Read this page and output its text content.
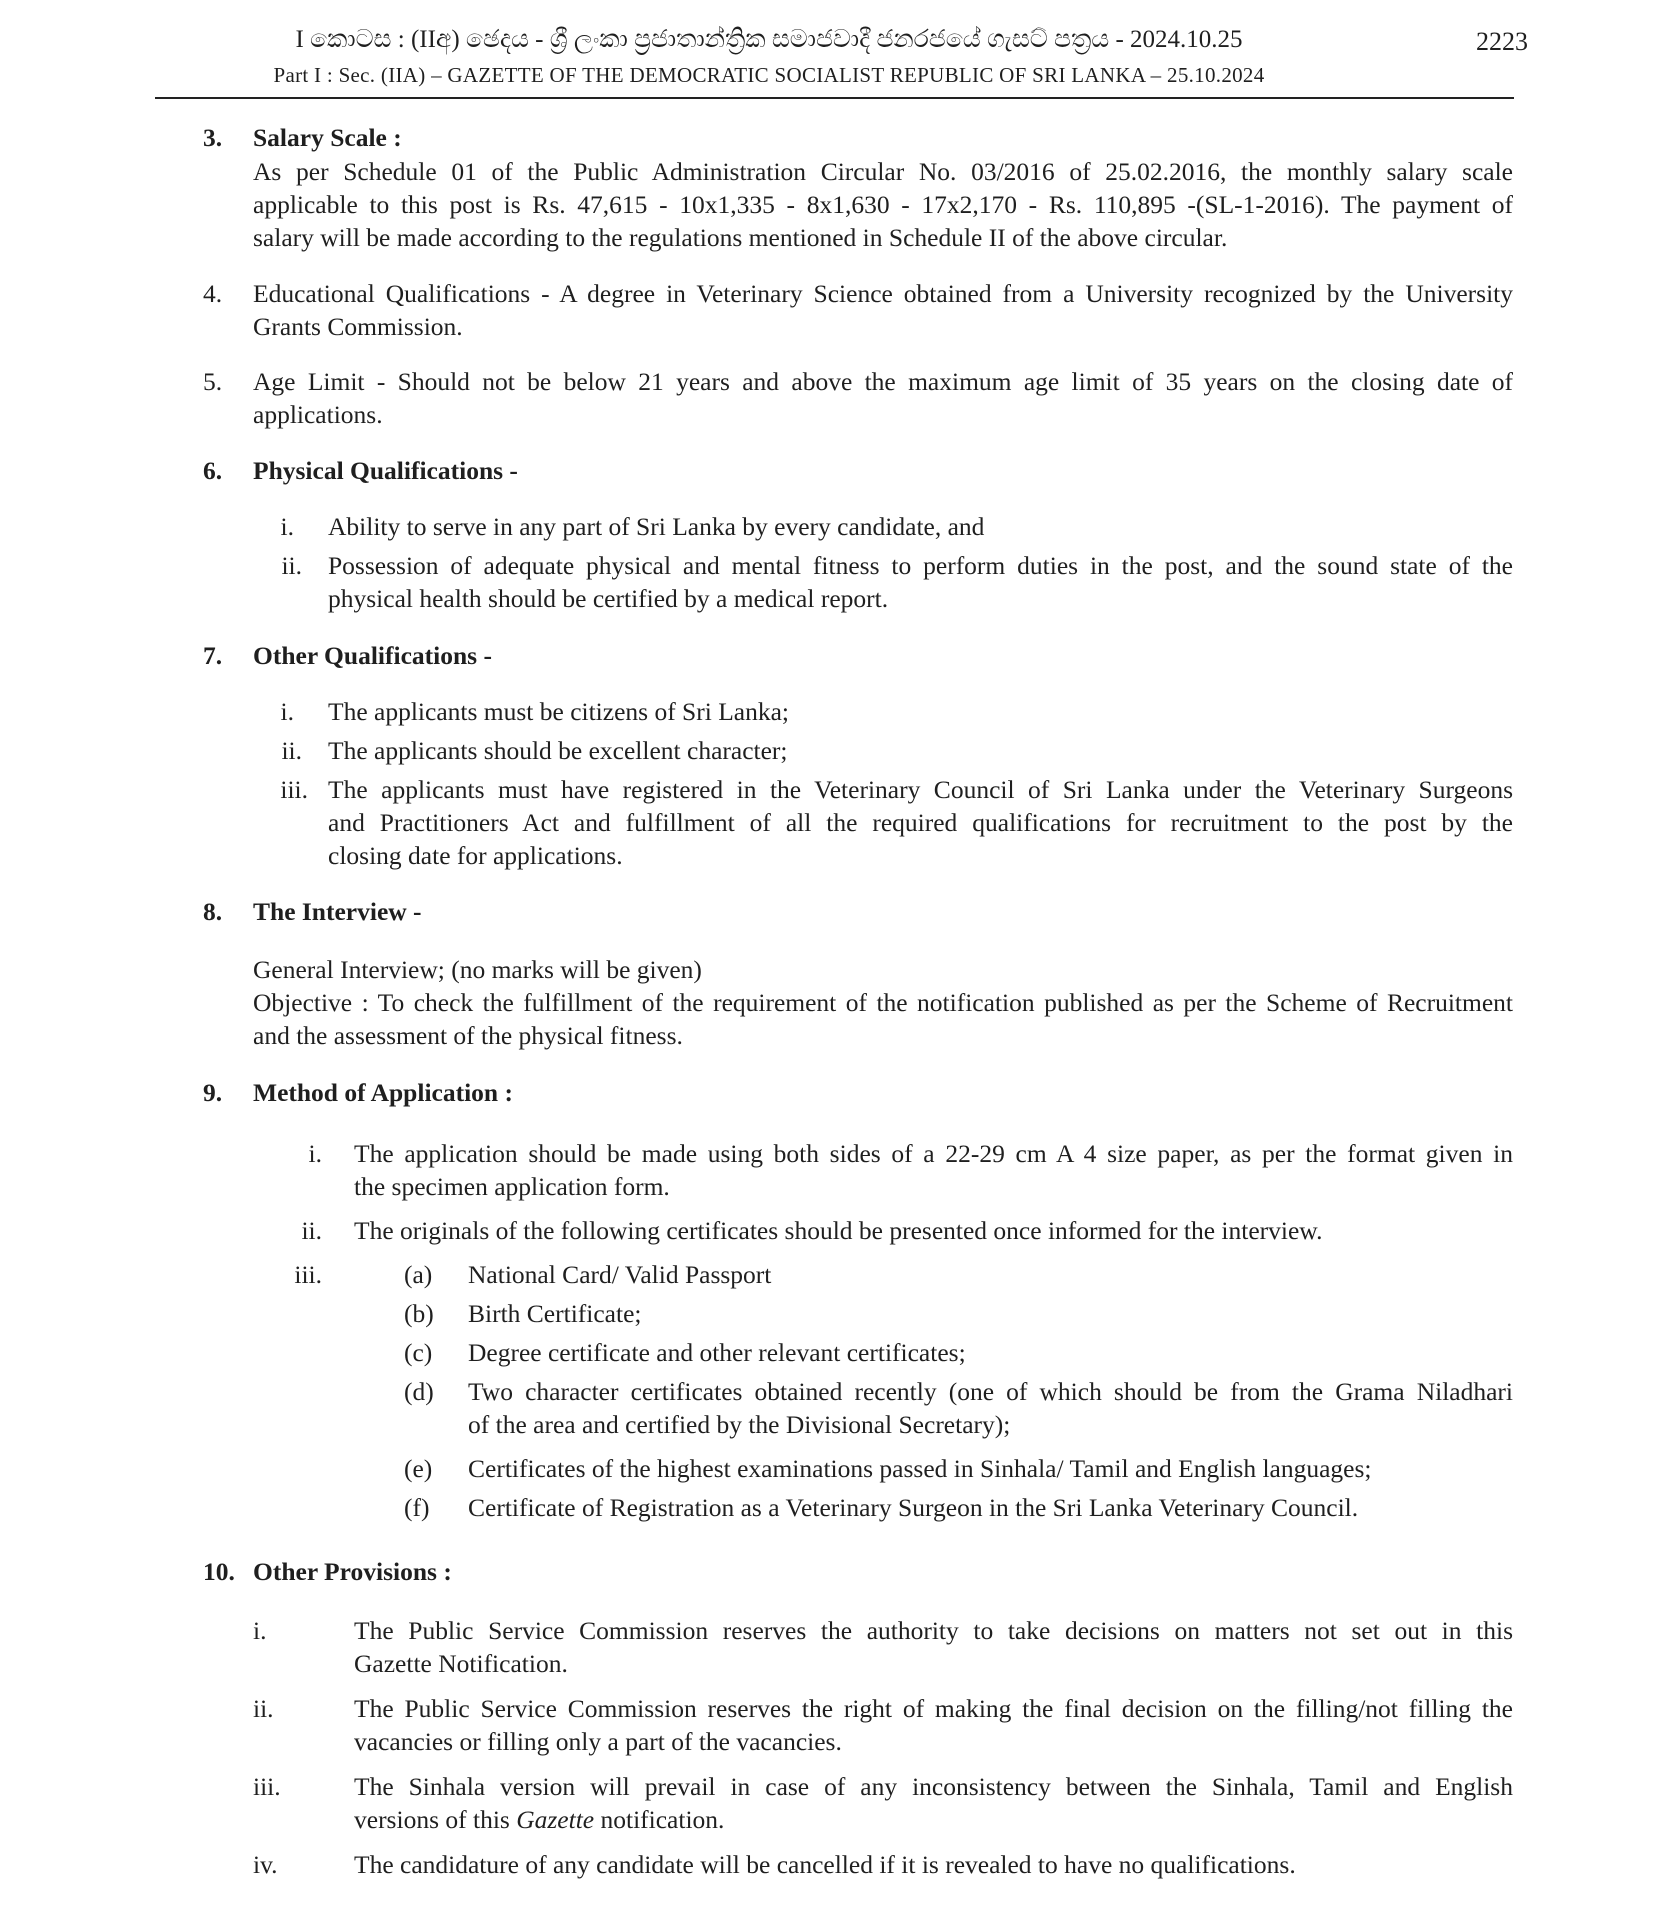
I කොටස : (IIඅ) ඡෙදය - ශ්‍රී ලංකා ප්‍රජාතාන්ත්‍රික සමාජවාදී ජනරජයේ ගැසට් පත්‍රය - 2024.10.25
Part I : Sec. (IIA) – GAZETTE OF THE DEMOCRATIC SOCIALIST REPUBLIC OF SRI LANKA – 25.10.2024
2223
3. Salary Scale :
As per Schedule 01 of the Public Administration Circular No. 03/2016 of 25.02.2016, the monthly salary scale
applicable to this post is Rs. 47,615 - 10x1,335 - 8x1,630 - 17x2,170 - Rs. 110,895 -(SL-1-2016). The payment of
salary will be made according to the regulations mentioned in Schedule II of the above circular.
4. Educational Qualifications - A degree in Veterinary Science obtained from a University recognized by the University
Grants Commission.
5. Age Limit - Should not be below 21 years and above the maximum age limit of 35 years on the closing date of
applications.
6. Physical Qualifications -
i. Ability to serve in any part of Sri Lanka by every candidate, and
ii. Possession of adequate physical and mental fitness to perform duties in the post, and the sound state of the
physical health should be certified by a medical report.
7. Other Qualifications -
i. The applicants must be citizens of Sri Lanka;
ii. The applicants should be excellent character;
iii. The applicants must have registered in the Veterinary Council of Sri Lanka under the Veterinary Surgeons
and Practitioners Act and fulfillment of all the required qualifications for recruitment to the post by the
closing date for applications.
8. The Interview -
General Interview; (no marks will be given)
Objective : To check the fulfillment of the requirement of the notification published as per the Scheme of Recruitment
and the assessment of the physical fitness.
9. Method of Application :
i. The application should be made using both sides of a 22-29 cm A 4 size paper, as per the format given in
the specimen application form.
ii. The originals of the following certificates should be presented once informed for the interview.
iii.	(a) National Card/ Valid Passport
(b) Birth Certificate;
(c) Degree certificate and other relevant certificates;
(d) Two character certificates obtained recently (one of which should be from the Grama Niladhari
of the area and certified by the Divisional Secretary);
(e) Certificates of the highest examinations passed in Sinhala/ Tamil and English languages;
(f) Certificate of Registration as a Veterinary Surgeon in the Sri Lanka Veterinary Council.
10. Other Provisions :
i.	The Public Service Commission reserves the authority to take decisions on matters not set out in this
Gazette Notification.
ii.	The Public Service Commission reserves the right of making the final decision on the filling/not filling the
vacancies or filling only a part of the vacancies.
iii.	The Sinhala version will prevail in case of any inconsistency between the Sinhala, Tamil and English
versions of this Gazette notification.
iv.	The candidature of any candidate will be cancelled if it is revealed to have no qualifications.
